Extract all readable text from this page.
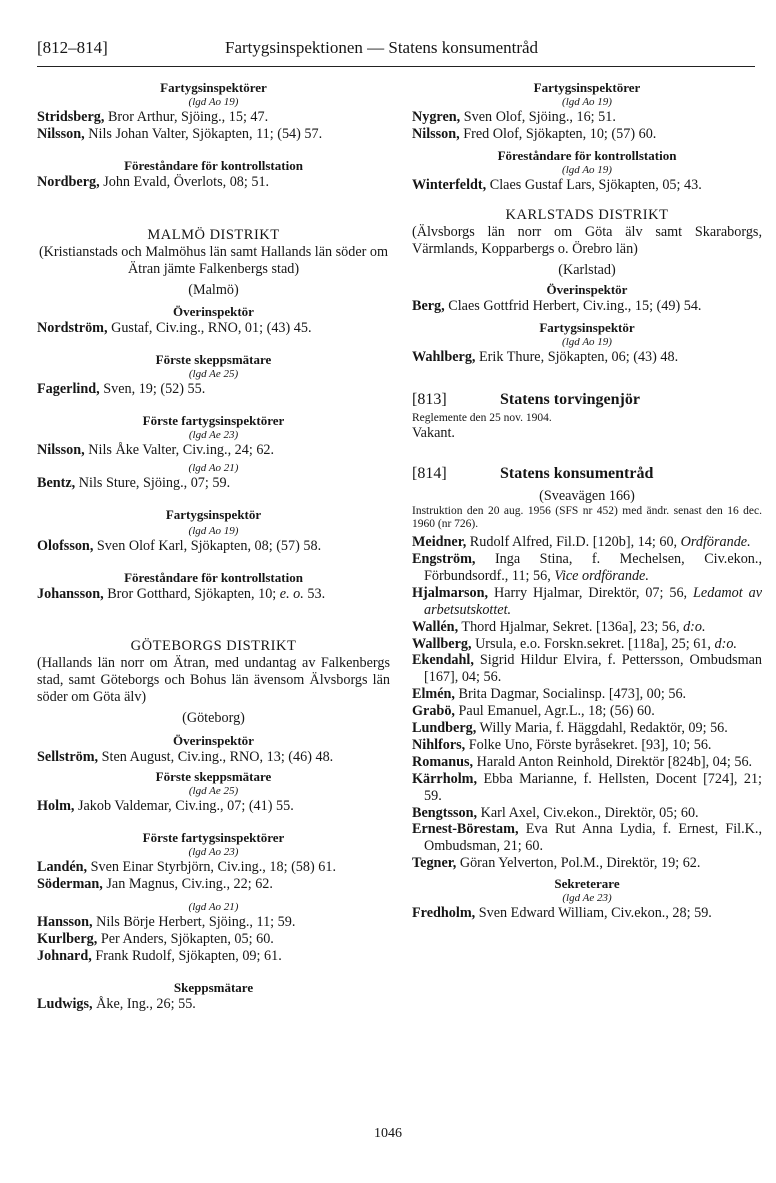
[812–814]	Fartygsinspektionen — Statens konsumentråd
Fartygsinspektörer
(lgd Ao 19)
Stridsberg, Bror Arthur, Sjöing., 15; 47.
Nilsson, Nils Johan Valter, Sjökapten, 11; (54) 57.
Föreståndare för kontrollstation
Nordberg, John Evald, Överlots, 08; 51.
MALMÖ DISTRIKT
(Kristianstads och Malmöhus län samt Hallands län söder om Ätran jämte Falkenbergs stad)
(Malmö)
Överinspektör
Nordström, Gustaf, Civ.ing., RNO, 01; (43) 45.
Förste skeppsmätare
(lgd Ae 25)
Fagerlind, Sven, 19; (52) 55.
Förste fartygsinspektörer
(lgd Ae 23)
Nilsson, Nils Åke Valter, Civ.ing., 24; 62.
(lgd Ao 21)
Bentz, Nils Sture, Sjöing., 07; 59.
Fartygsinspektör
(lgd Ao 19)
Olofsson, Sven Olof Karl, Sjökapten, 08; (57) 58.
Föreståndare för kontrollstation
Johansson, Bror Gotthard, Sjökapten, 10; e. o. 53.
GÖTEBORGS DISTRIKT
(Hallands län norr om Ätran, med undantag av Falkenbergs stad, samt Göteborgs och Bohus län ävensom Älvsborgs län söder om Göta älv)
(Göteborg)
Överinspektör
Sellström, Sten August, Civ.ing., RNO, 13; (46) 48.
Förste skeppsmätare
(lgd Ae 25)
Holm, Jakob Valdemar, Civ.ing., 07; (41) 55.
Förste fartygsinspektörer
(lgd Ao 23)
Landén, Sven Einar Styrbjörn, Civ.ing., 18; (58) 61.
Söderman, Jan Magnus, Civ.ing., 22; 62.
(lgd Ao 21)
Hansson, Nils Börje Herbert, Sjöing., 11; 59.
Kurlberg, Per Anders, Sjökapten, 05; 60.
Johnard, Frank Rudolf, Sjökapten, 09; 61.
Skeppsmätare
Ludwigs, Åke, Ing., 26; 55.
Fartygsinspektörer
(lgd Ao 19)
Nygren, Sven Olof, Sjöing., 16; 51.
Nilsson, Fred Olof, Sjökapten, 10; (57) 60.
Föreståndare för kontrollstation
(lgd Ao 19)
Winterfeldt, Claes Gustaf Lars, Sjökapten, 05; 43.
KARLSTADS DISTRIKT
(Älvsborgs län norr om Göta älv samt Skaraborgs, Värmlands, Kopparbergs o. Örebro län)
(Karlstad)
Överinspektör
Berg, Claes Gottfrid Herbert, Civ.ing., 15; (49) 54.
Fartygsinspektör
(lgd Ao 19)
Wahlberg, Erik Thure, Sjökapten, 06; (43) 48.
[813]	Statens torvingenjör
Reglemente den 25 nov. 1904.
Vakant.
[814]	Statens konsumentråd
(Sveavägen 166)
Instruktion den 20 aug. 1956 (SFS nr 452) med ändr. senast den 16 dec. 1960 (nr 726).
Meidner, Rudolf Alfred, Fil.D. [120b], 14; 60, Ordförande.
Engström, Inga Stina, f. Mechelsen, Civ.ekon., Förbundsordf., 11; 56, Vice ordförande.
Hjalmarson, Harry Hjalmar, Direktör, 07; 56, Ledamot av arbetsutskottet.
Wallén, Thord Hjalmar, Sekret. [136a], 23; 56, d:o.
Wallberg, Ursula, e.o. Forskn.sekret. [118a], 25; 61, d:o.
Ekendahl, Sigrid Hildur Elvira, f. Pettersson, Ombudsman [167], 04; 56.
Elmén, Brita Dagmar, Socialinsp. [473], 00; 56.
Grabö, Paul Emanuel, Agr.L., 18; (56) 60.
Lundberg, Willy Maria, f. Häggdahl, Redaktör, 09; 56.
Nihlfors, Folke Uno, Förste byråsekret. [93], 10; 56.
Romanus, Harald Anton Reinhold, Direktör [824b], 04; 56.
Kärrholm, Ebba Marianne, f. Hellsten, Docent [724], 21; 59.
Bengtsson, Karl Axel, Civ.ekon., Direktör, 05; 60.
Ernest-Börestam, Eva Rut Anna Lydia, f. Ernest, Fil.K., Ombudsman, 21; 60.
Tegner, Göran Yelverton, Pol.M., Direktör, 19; 62.
Sekreterare
(lgd Ae 23)
Fredholm, Sven Edward William, Civ.ekon., 28; 59.
1046
